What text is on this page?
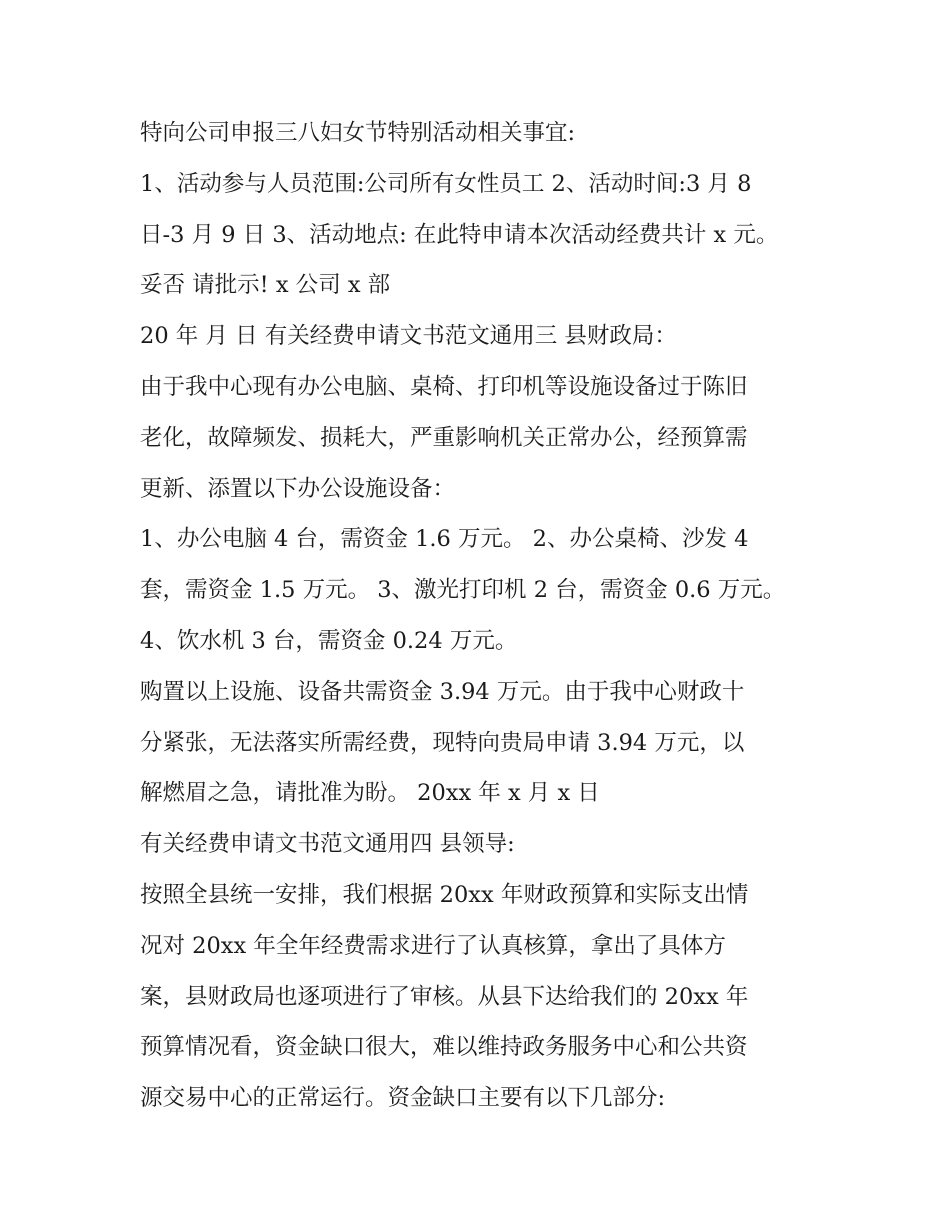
特向公司申报三八妇女节特别活动相关事宜:
1、活动参与人员范围:公司所有女性员工 2、活动时间:3 月 8
日-3 月 9 日 3、活动地点: 在此特申请本次活动经费共计 x 元。
妥否 请批示! x 公司 x 部
20 年 月 日 有关经费申请文书范文通用三 县财政局：
由于我中心现有办公电脑、桌椅、打印机等设施设备过于陈旧
老化，故障频发、损耗大，严重影响机关正常办公，经预算需
更新、添置以下办公设施设备：
1、办公电脑 4 台，需资金 1.6 万元。 2、办公桌椅、沙发 4
套，需资金 1.5 万元。 3、激光打印机 2 台，需资金 0.6 万元。
4、饮水机 3 台，需资金 0.24 万元。
购置以上设施、设备共需资金 3.94 万元。由于我中心财政十
分紧张，无法落实所需经费，现特向贵局申请 3.94 万元，以
解燃眉之急，请批准为盼。 20xx 年 x 月 x 日
有关经费申请文书范文通用四 县领导:
按照全县统一安排，我们根据 20xx 年财政预算和实际支出情
况对 20xx 年全年经费需求进行了认真核算，拿出了具体方
案，县财政局也逐项进行了审核。从县下达给我们的 20xx 年
预算情况看，资金缺口很大，难以维持政务服务中心和公共资
源交易中心的正常运行。资金缺口主要有以下几部分:
